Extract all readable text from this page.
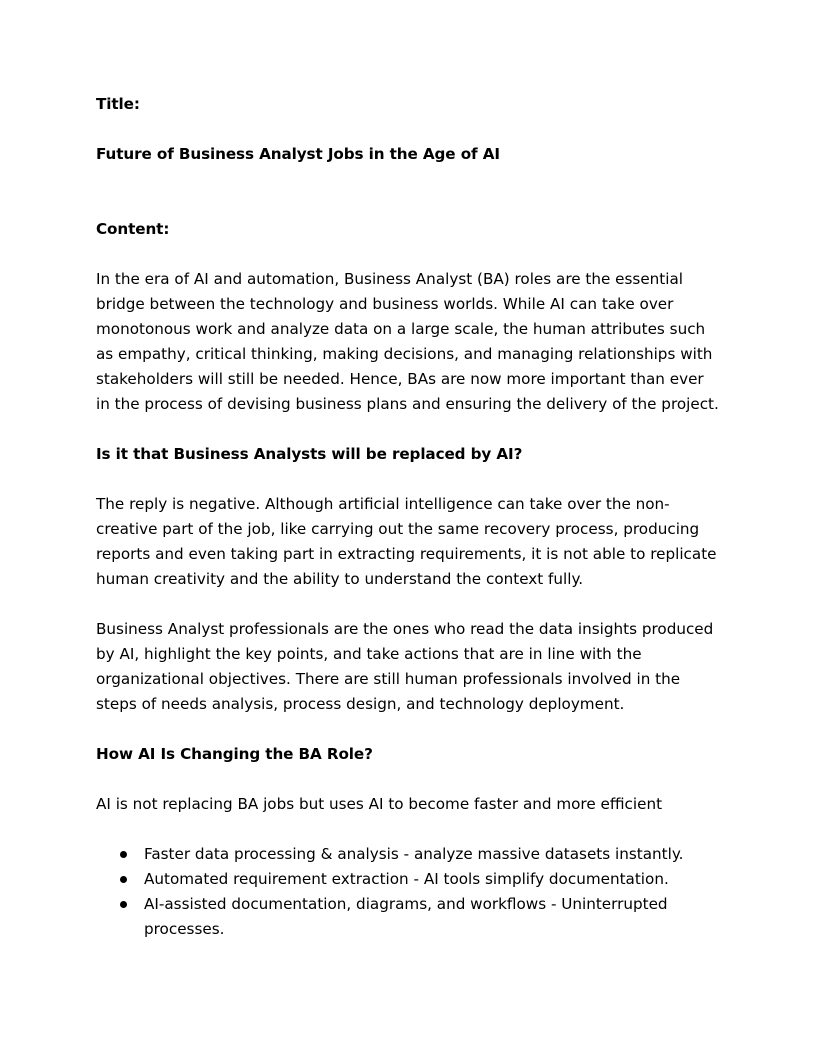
Title:

Future of Business Analyst Jobs in the Age of AI

Content:

In the era of AI and automation, Business Analyst (BA) roles are the essential bridge between the technology and business worlds. While AI can take over monotonous work and analyze data on a large scale, the human attributes such as empathy, critical thinking, making decisions, and managing relationships with stakeholders will still be needed. Hence, BAs are now more important than ever in the process of devising business plans and ensuring the delivery of the project.

Is it that Business Analysts will be replaced by AI?

The reply is negative. Although artificial intelligence can take over the non-creative part of the job, like carrying out the same recovery process, producing reports and even taking part in extracting requirements, it is not able to replicate human creativity and the ability to understand the context fully.

Business Analyst professionals are the ones who read the data insights produced by AI, highlight the key points, and take actions that are in line with the organizational objectives. There are still human professionals involved in the steps of needs analysis, process design, and technology deployment.

How AI Is Changing the BA Role?

AI is not replacing BA jobs but uses AI to become faster and more efficient

Faster data processing & analysis - analyze massive datasets instantly.
Automated requirement extraction - AI tools simplify documentation.
AI-assisted documentation, diagrams, and workflows - Uninterrupted processes.
